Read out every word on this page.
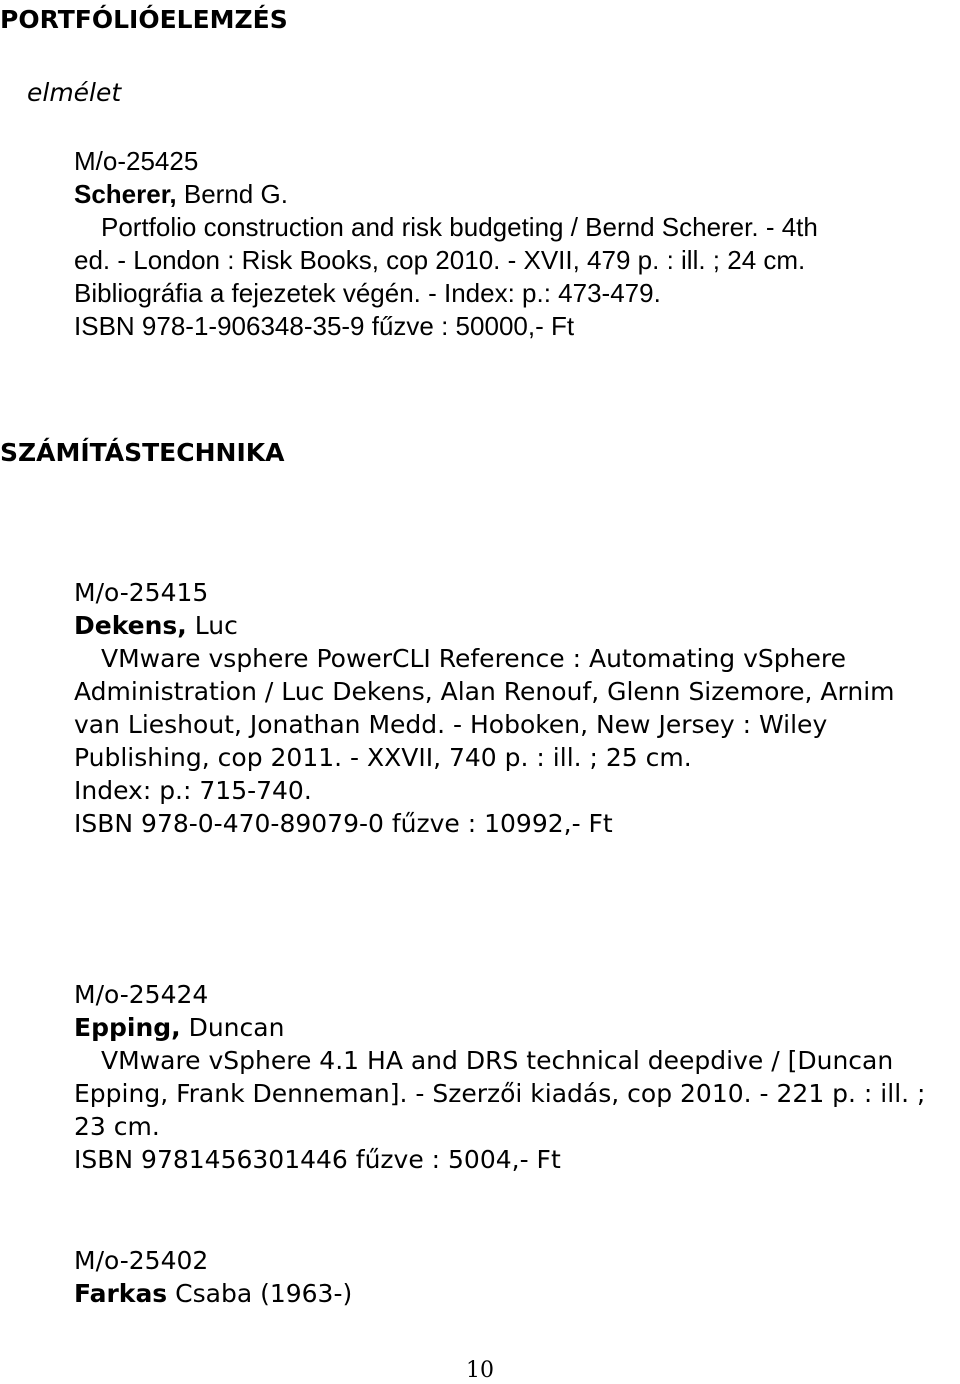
PORTFÓLIÓELEMZÉS
elmélet
M/o-25425
Scherer, Bernd G.
Portfolio construction and risk budgeting / Bernd Scherer. - 4th
ed. - London : Risk Books, cop 2010. - XVII, 479 p. : ill. ; 24 cm.
Bibliográfia a fejezetek végén. - Index: p.: 473-479.
ISBN 978-1-906348-35-9 fűzve : 50000,- Ft
SZÁMÍTÁSTECHNIKA
M/o-25415
Dekens, Luc
VMware vsphere PowerCLI Reference : Automating vSphere
Administration / Luc Dekens, Alan Renouf, Glenn Sizemore, Arnim
van Lieshout, Jonathan Medd. - Hoboken, New Jersey : Wiley
Publishing, cop 2011. - XXVII, 740 p. : ill. ; 25 cm.
Index: p.: 715-740.
ISBN 978-0-470-89079-0 fűzve : 10992,- Ft
M/o-25424
Epping, Duncan
VMware vSphere 4.1 HA and DRS technical deepdive / [Duncan
Epping, Frank Denneman]. - Szerzői kiadás, cop 2010. - 221 p. : ill. ;
23 cm.
ISBN 9781456301446 fűzve : 5004,- Ft
M/o-25402
Farkas Csaba (1963-)
10
